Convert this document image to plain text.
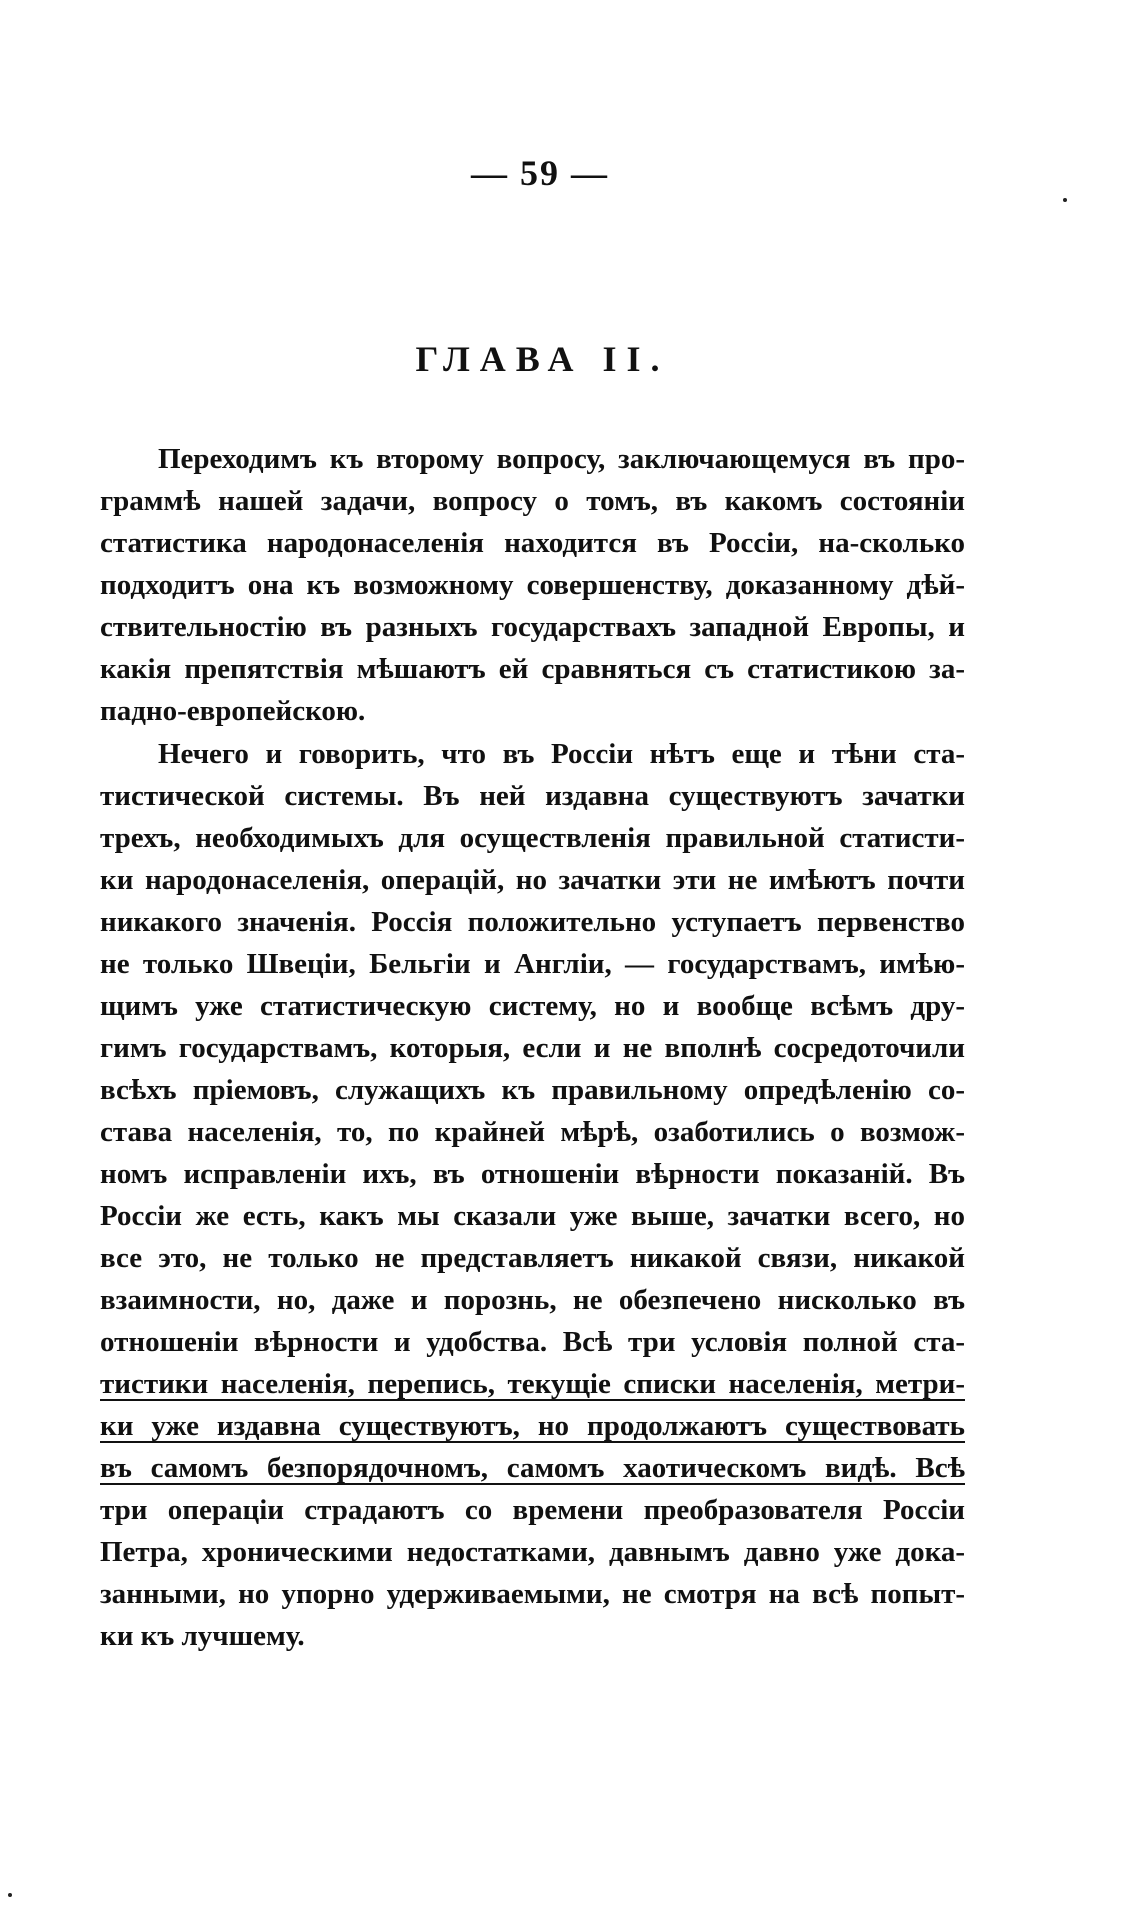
— 59 —
ГЛАВА II.
Переходимъ къ второму вопросу, заключающемуся въ про-
граммѣ нашей задачи, вопросу о томъ, въ какомъ состояніи
статистика народонаселенія находится въ Россіи, на-сколько
подходитъ она къ возможному совершенству, доказанному дѣй-
ствительностію въ разныхъ государствахъ западной Европы, и
какія препятствія мѣшаютъ ей сравняться съ статистикою за-
падно-европейскою.
Нечего и говорить, что въ Россіи нѣтъ еще и тѣни ста-
тистической системы. Въ ней издавна существуютъ зачатки
трехъ, необходимыхъ для осуществленія правильной статисти-
ки народонаселенія, операцій, но зачатки эти не имѣютъ почти
никакого значенія. Россія положительно уступаетъ первенство
не только Швеціи, Бельгіи и Англіи, — государствамъ, имѣю-
щимъ уже статистическую систему, но и вообще всѣмъ дру-
гимъ государствамъ, которыя, если и не вполнѣ сосредоточили
всѣхъ пріемовъ, служащихъ къ правильному опредѣленію со-
става населенія, то, по крайней мѣрѣ, озаботились о возмож-
номъ исправленіи ихъ, въ отношеніи вѣрности показаній. Въ
Россіи же есть, какъ мы сказали уже выше, зачатки всего, но
все это, не только не представляетъ никакой связи, никакой
взаимности, но, даже и порознь, не обезпечено нисколько въ
отношеніи вѣрности и удобства. Всѣ три условія полной ста-
тистики населенія, перепись, текущіе списки населенія, метри-
ки уже издавна существуютъ, но продолжаютъ существовать
въ самомъ безпорядочномъ, самомъ хаотическомъ видѣ. Всѣ
три операціи страдаютъ со времени преобразователя Россіи
Петра, хроническими недостатками, давнымъ давно уже дока-
занными, но упорно удерживаемыми, не смотря на всѣ попыт-
ки къ лучшему.
